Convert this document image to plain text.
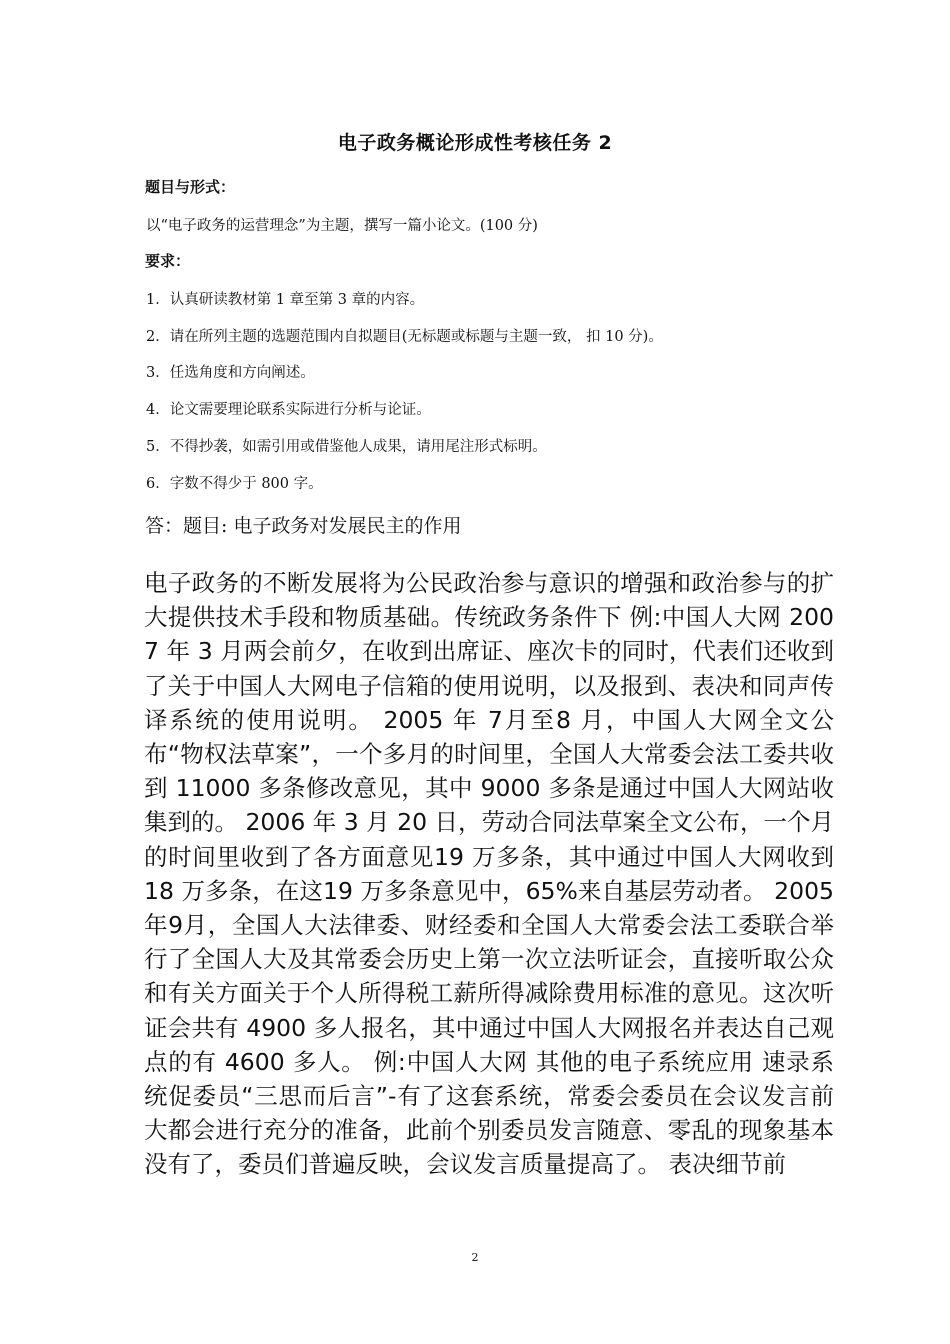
电子政务概论形成性考核任务 2
题目与形式：
以“电子政务的运营理念”为主题，撰写一篇小论文。(100 分)
要求：
1．认真研读教材第 1 章至第 3 章的内容。
2．请在所列主题的选题范围内自拟题目(无标题或标题与主题一致， 扣 10 分)。
3．任选角度和方向阐述。
4．论文需要理论联系实际进行分析与论证。
5．不得抄袭，如需引用或借鉴他人成果，请用尾注形式标明。
6．字数不得少于 800 字。
答：题目: 电子政务对发展民主的作用
电子政务的不断发展将为公民政治参与意识的增强和政治参与的扩大提供技术手段和物质基础。传统政务条件下 例:中国人大网 2007 年 3 月两会前夕，在收到出席证、座次卡的同时，代表们还收到了关于中国人大网电子信箱的使用说明，以及报到、表决和同声传译系统的使用说明。 2005 年 7月至8 月，中国人大网全文公布“物权法草案”，一个多月的时间里，全国人大常委会法工委共收到 11000 多条修改意见，其中 9000 多条是通过中国人大网站收集到的。 2006 年 3 月 20 日，劳动合同法草案全文公布，一个月的时间里收到了各方面意见19 万多条，其中通过中国人大网收到 18 万多条，在这19 万多条意见中，65%来自基层劳动者。 2005年9月，全国人大法律委、财经委和全国人大常委会法工委联合举行了全国人大及其常委会历史上第一次立法听证会，直接听取公众和有关方面关于个人所得税工薪所得减除费用标准的意见。这次听证会共有 4900 多人报名，其中通过中国人大网报名并表达自己观点的有 4600 多人。 例:中国人大网 其他的电子系统应用 速录系统促委员“三思而后言”-有了这套系统，常委会委员在会议发言前大都会进行充分的准备，此前个别委员发言随意、零乱的现象基本没有了，委员们普遍反映，会议发言质量提高了。 表决细节前
2
